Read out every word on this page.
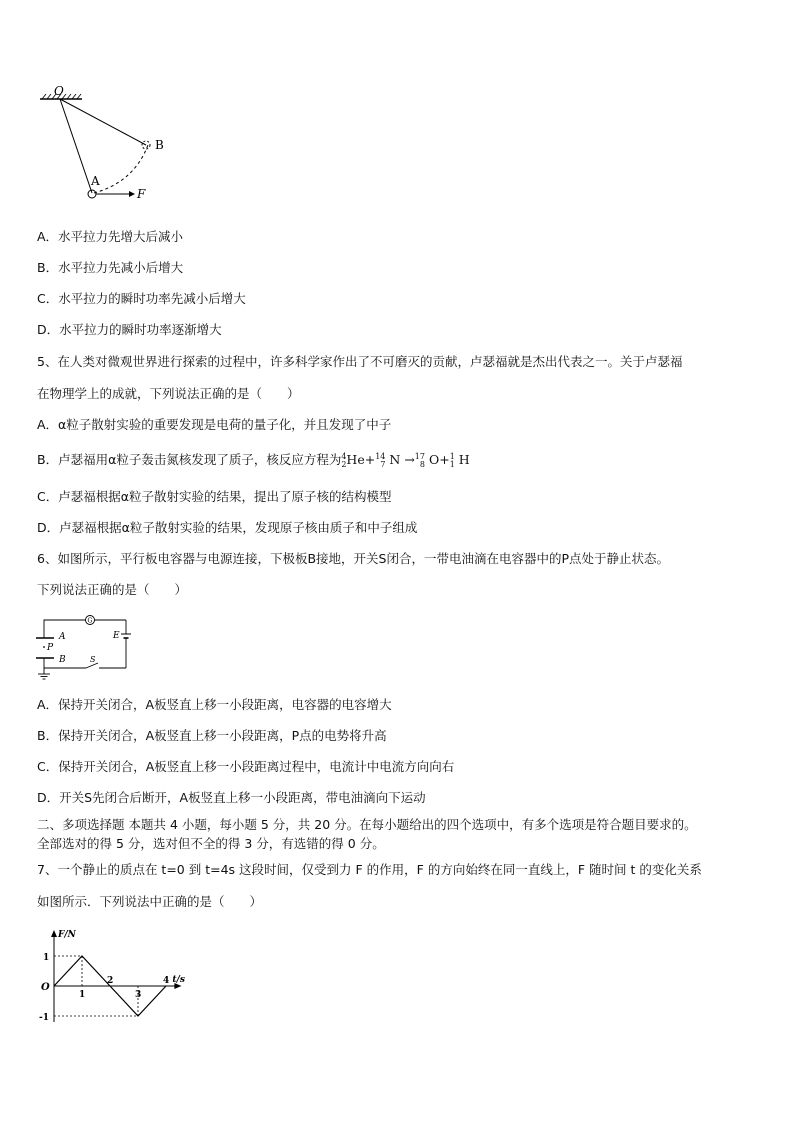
O
B
A
F
A．水平拉力先增大后减小
B．水平拉力先减小后增大
C．水平拉力的瞬时功率先减小后增大
D．水平拉力的瞬时功率逐渐增大
5、在人类对微观世界进行探索的过程中，许多科学家作出了不可磨灭的贡献，卢瑟福就是杰出代表之一。关于卢瑟福
在物理学上的成就，下列说法正确的是（　　）
A．α粒子散射实验的重要发现是电荷的量子化，并且发现了中子
B．卢瑟福用α粒子轰击氮核发现了质子，核反应方程为4
2He+14
7 N →17
8 O+1
1 H
C．卢瑟福根据α粒子散射实验的结果，提出了原子核的结构模型
D．卢瑟福根据α粒子散射实验的结果，发现原子核由质子和中子组成
6、如图所示，平行板电容器与电源连接，下极板B接地，开关S闭合，一带电油滴在电容器中的P点处于静止状态。
下列说法正确的是（　　）
G
E
A
P
B	S
A．保持开关闭合，A板竖直上移一小段距离，电容器的电容增大
B．保持开关闭合，A板竖直上移一小段距离，P点的电势将升高
C．保持开关闭合，A板竖直上移一小段距离过程中，电流计中电流方向向右
D．开关S先闭合后断开，A板竖直上移一小段距离，带电油滴向下运动
二、多项选择题 本题共 4 小题，每小题 5 分，共 20 分。在每小题给出的四个选项中，有多个选项是符合题目要求的。
全部选对的得 5 分，选对但不全的得 3 分，有选错的得 0 分。
7、一个静止的质点在 t=0 到 t=4s 这段时间，仅受到力 F 的作用，F 的方向始终在同一直线上，F 随时间 t 的变化关系
如图所示．下列说法中正确的是（　　）
F/N
t/s
O
1
-1
1
2
3
4
